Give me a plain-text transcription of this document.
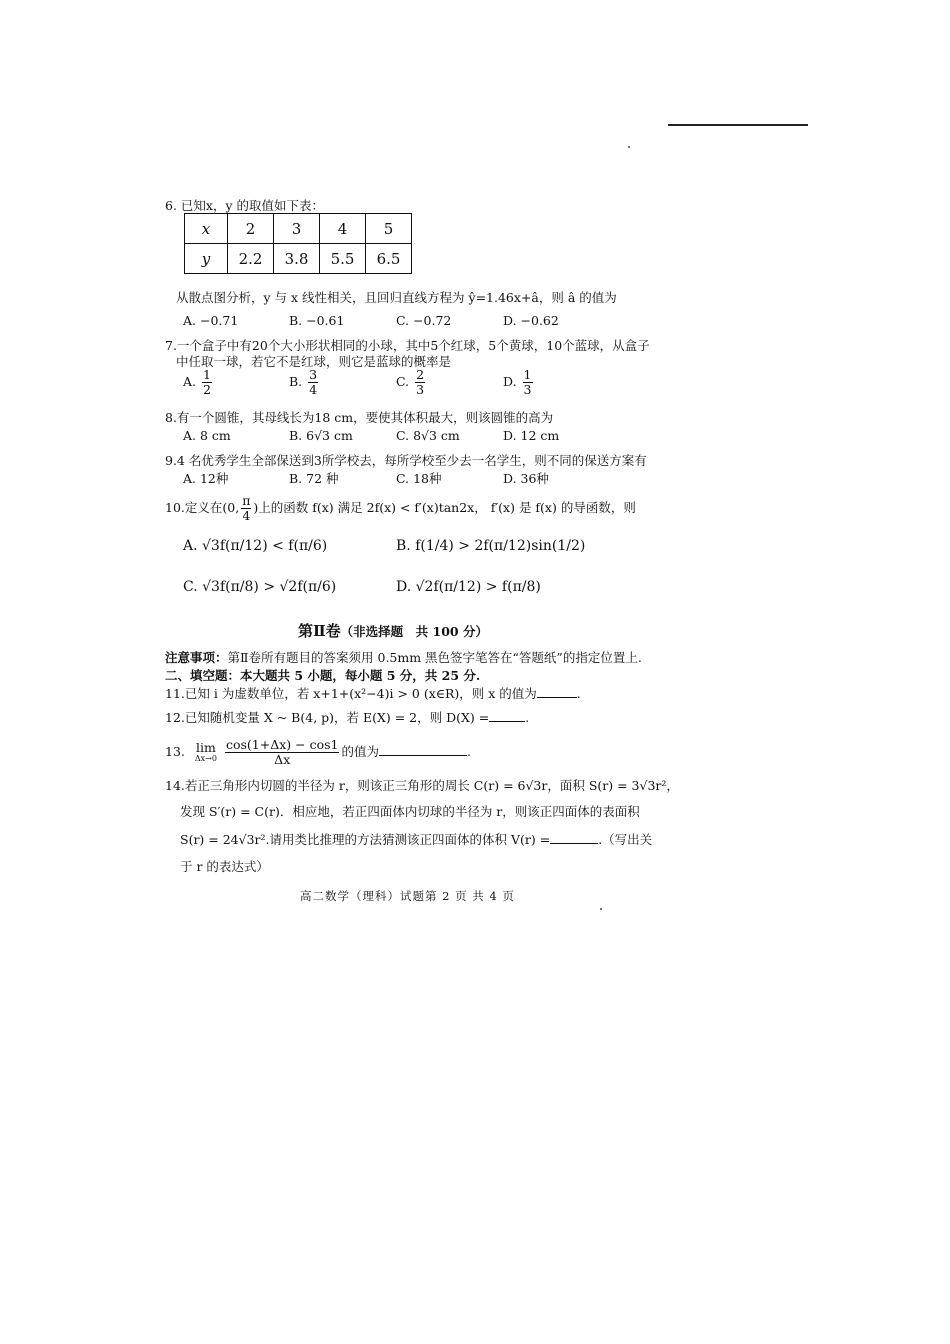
6. 已知x，y 的取值如下表：
x	2	3	4	5
y	2.2	3.8	5.5	6.5
从散点图分析，y 与 x 线性相关，且回归直线方程为 ŷ=1.46x+â，则 â 的值为
A. −0.71	B. −0.61	C. −0.72	D. −0.62
7.一个盒子中有20个大小形状相同的小球，其中5个红球，5个黄球，10个蓝球，从盒子
中任取一球，若它不是红球，则它是蓝球的概率是
A. $\frac{1}{2}$	B. $\frac{3}{4}$	C. $\frac{2}{3}$	D. $\frac{1}{3}$
8.有一个圆锥，其母线长为18 cm，要使其体积最大，则该圆锥的高为
A. 8 cm	B. 6√3 cm	C. 8√3 cm	D. 12 cm
9.4 名优秀学生全部保送到3所学校去，每所学校至少去一名学生，则不同的保送方案有
A. 12种	B. 72 种	C. 18种	D. 36种
10.定义在(0, $\frac{\pi}{4}$ )上的函数 f(x) 满足 2f(x) < f′(x)tan2x， f′(x) 是 f(x) 的导函数，则
A. √3f(π/12) < f(π/6)	B. f(1/4) > 2f(π/12)sin(1/2)
C. √3f(π/8) > √2f(π/6)	D. √2f(π/12) > f(π/8)
第Ⅱ卷（非选择题　共 100 分）
注意事项：第Ⅱ卷所有题目的答案须用 0.5mm 黑色签字笔答在“答题纸”的指定位置上.
二、填空题：本大题共 5 小题，每小题 5 分，共 25 分.
11.已知 i 为虚数单位，若 x+1+(x²−4)i > 0 (x∈R)，则 x 的值为	.
12.已知随机变量 X ~ B(4, p)，若 E(X) = 2，则 D(X) =	.
13. lim
Δx→0
$\frac{\cos(1+\Delta x) - \cos 1}{\Delta x}$ 的值为	.
14.若正三角形内切圆的半径为 r，则该正三角形的周长 C(r) = 6√3r，面积 S(r) = 3√3r²，
发现 S′(r) = C(r)．相应地，若正四面体内切球的半径为 r，则该正四面体的表面积
S(r) = 24√3r².请用类比推理的方法猜测该正四面体的体积 V(r) =	.（写出关
于 r 的表达式）
高二数学（理科）试题第 2 页 共 4 页
